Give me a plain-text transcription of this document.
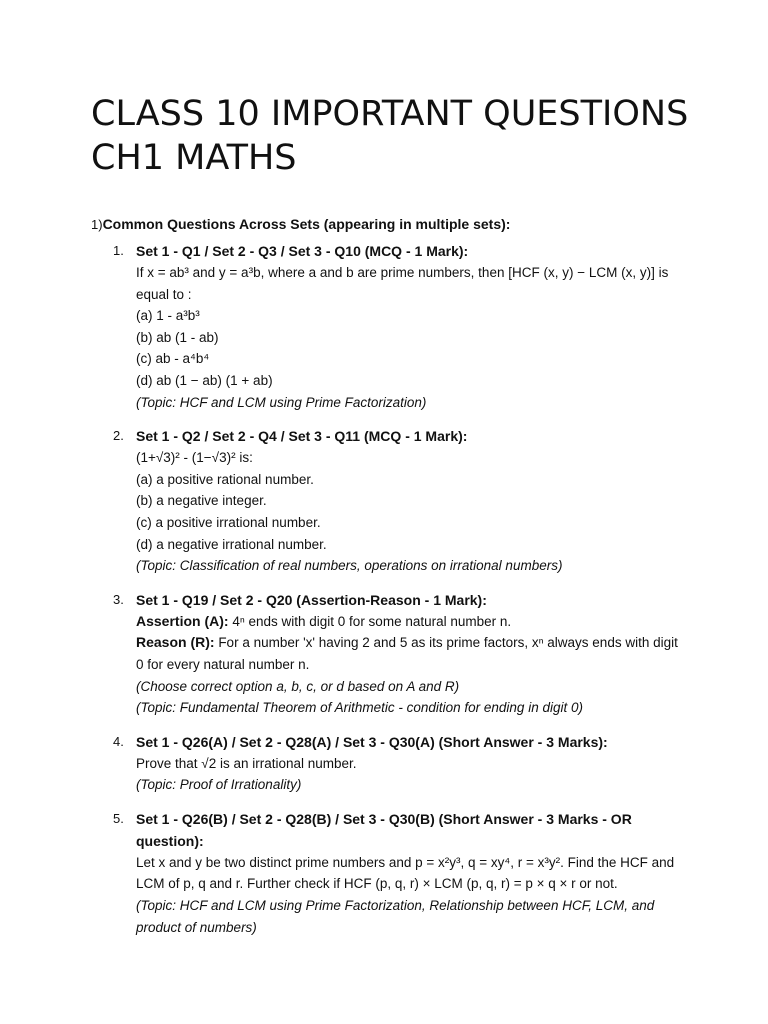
CLASS 10 IMPORTANT QUESTIONS CH1 MATHS
1)Common Questions Across Sets (appearing in multiple sets):
1. Set 1 - Q1 / Set 2 - Q3 / Set 3 - Q10 (MCQ - 1 Mark):
If x = ab³ and y = a³b, where a and b are prime numbers, then [HCF (x, y) − LCM (x, y)] is equal to :
(a) 1 - a³b³
(b) ab (1 - ab)
(c) ab - a⁴b⁴
(d) ab (1 − ab) (1 + ab)
(Topic: HCF and LCM using Prime Factorization)
2. Set 1 - Q2 / Set 2 - Q4 / Set 3 - Q11 (MCQ - 1 Mark):
(1+√3)² - (1−√3)² is:
(a) a positive rational number.
(b) a negative integer.
(c) a positive irrational number.
(d) a negative irrational number.
(Topic: Classification of real numbers, operations on irrational numbers)
3. Set 1 - Q19 / Set 2 - Q20 (Assertion-Reason - 1 Mark):
Assertion (A): 4ⁿ ends with digit 0 for some natural number n.
Reason (R): For a number 'x' having 2 and 5 as its prime factors, xⁿ always ends with digit 0 for every natural number n.
(Choose correct option a, b, c, or d based on A and R)
(Topic: Fundamental Theorem of Arithmetic - condition for ending in digit 0)
4. Set 1 - Q26(A) / Set 2 - Q28(A) / Set 3 - Q30(A) (Short Answer - 3 Marks):
Prove that √2 is an irrational number.
(Topic: Proof of Irrationality)
5. Set 1 - Q26(B) / Set 2 - Q28(B) / Set 3 - Q30(B) (Short Answer - 3 Marks - OR question):
Let x and y be two distinct prime numbers and p = x²y³, q = xy⁴, r = x³y². Find the HCF and LCM of p, q and r. Further check if HCF (p, q, r) × LCM (p, q, r) = p × q × r or not.
(Topic: HCF and LCM using Prime Factorization, Relationship between HCF, LCM, and product of numbers)
